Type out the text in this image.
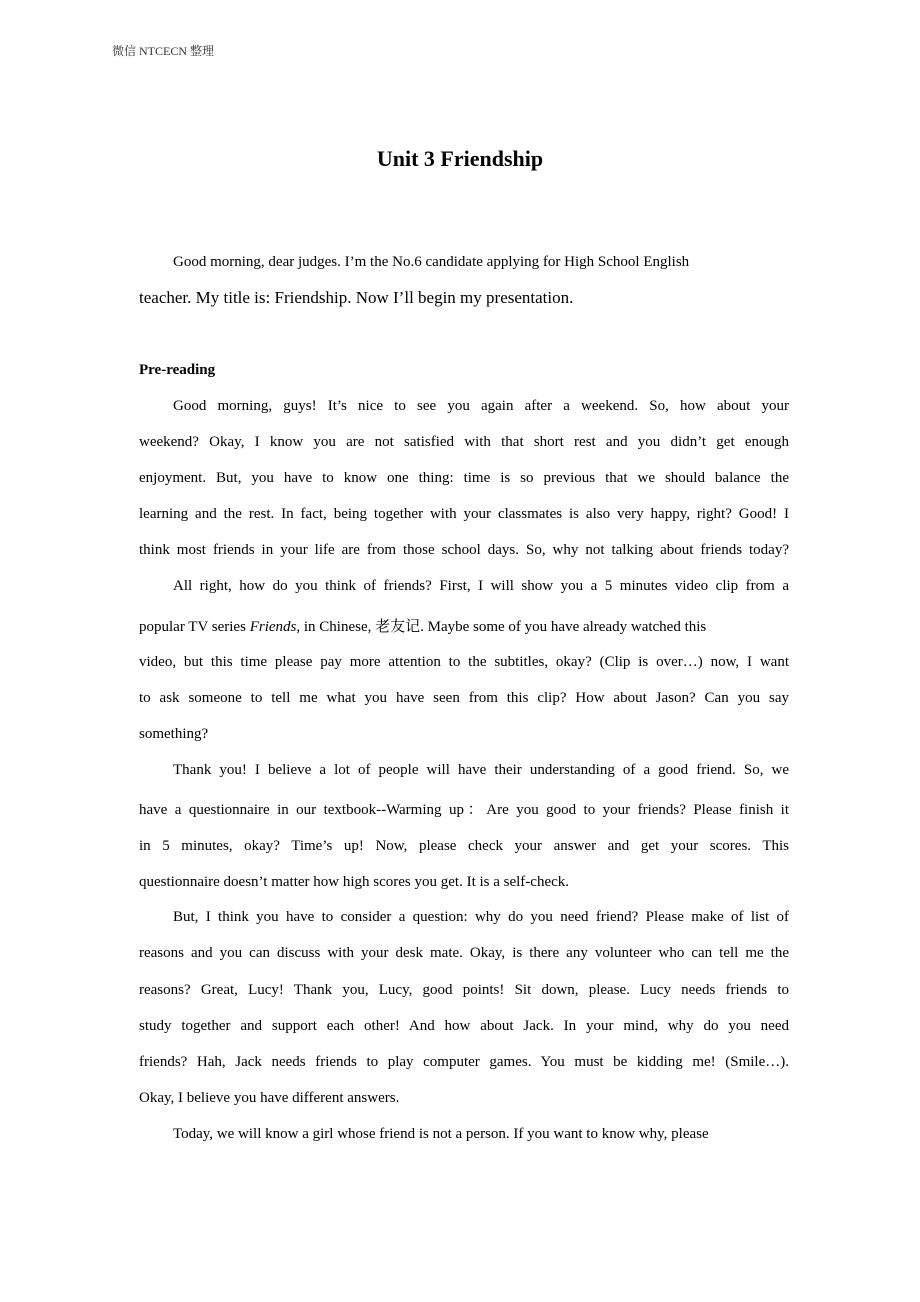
微信 NTCECN 整理
Unit 3 Friendship

Good morning, dear judges. I’m the No.6 candidate applying for High School English

teacher. My title is: Friendship. Now I’ll begin my presentation.

Pre-reading

Good morning, guys! It’s nice to see you again after a weekend. So, how about your

weekend? Okay, I know you are not satisfied with that short rest and you didn’t get enough

enjoyment. But, you have to know one thing: time is so previous that we should balance the

learning and the rest. In fact, being together with your classmates is also very happy, right? Good! I

think most friends in your life are from those school days. So, why not talking about friends today?

All right, how do you think of friends? First, I will show you a 5 minutes video clip from a

popular TV series Friends, in Chinese, 老友记. Maybe some of you have already watched this

video, but this time please pay more attention to the subtitles, okay? (Clip is over…) now, I want

to ask someone to tell me what you have seen from this clip? How about Jason? Can you say

something?

Thank you! I believe a lot of people will have their understanding of a good friend. So, we

have a questionnaire in our textbook--Warming up：Are you good to your friends? Please finish it

in 5 minutes, okay? Time’s up! Now, please check your answer and get your scores. This

questionnaire doesn’t matter how high scores you get. It is a self-check.

But, I think you have to consider a question: why do you need friend? Please make of list of

reasons and you can discuss with your desk mate. Okay, is there any volunteer who can tell me the

reasons? Great, Lucy! Thank you, Lucy, good points! Sit down, please. Lucy needs friends to

study together and support each other! And how about Jack. In your mind, why do you need

friends? Hah, Jack needs friends to play computer games. You must be kidding me! (Smile…).

Okay, I believe you have different answers.

Today, we will know a girl whose friend is not a person. If you want to know why, please
